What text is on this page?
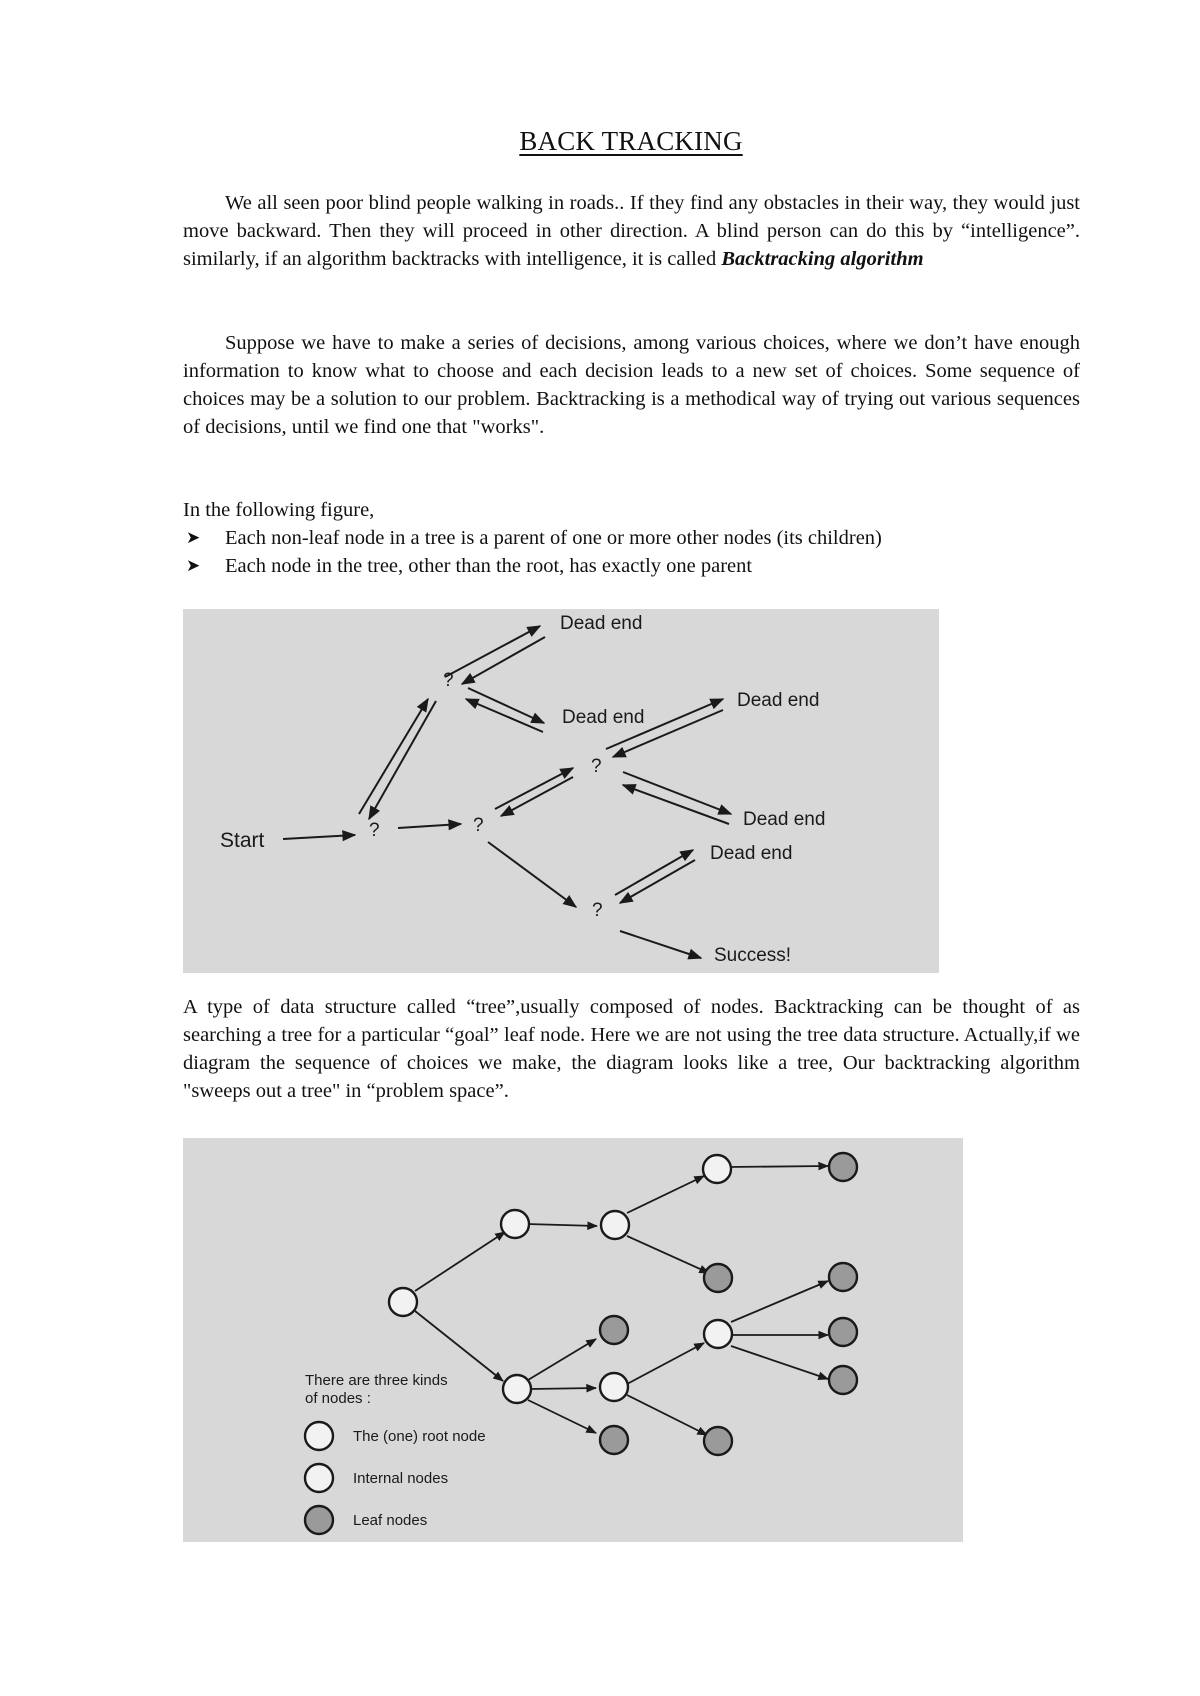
BACK TRACKING

We all seen poor blind people walking in roads.. If they find any obstacles in their way, they would just move backward. Then they will proceed in other direction. A blind person can do this by “intelligence”. similarly, if an algorithm backtracks with intelligence, it is called Backtracking algorithm

Suppose we have to make a series of decisions, among various choices, where we don’t have enough information to know what to choose and each decision leads to a new set of choices. Some sequence of choices may be a solution to our problem. Backtracking is a methodical way of trying out various sequences of decisions, until we find one that "works".

In the following figure,

➤ Each non-leaf node in a tree is a parent of one or more other nodes (its children)
➤ Each node in the tree, other than the root, has exactly one parent
Start	?	?
?
?
?
Dead end
Dead end
Dead end
Dead end
Dead end
Success!

A type of data structure called “tree”,usually composed of nodes. Backtracking can be thought of as searching a tree for a particular “goal” leaf node. Here we are not using the tree data structure. Actually,if we diagram the sequence of choices we make, the diagram looks like a tree, Our backtracking algorithm "sweeps out a tree" in “problem space”.

There are three kinds
of nodes :
The (one) root node
Internal nodes
Leaf nodes
